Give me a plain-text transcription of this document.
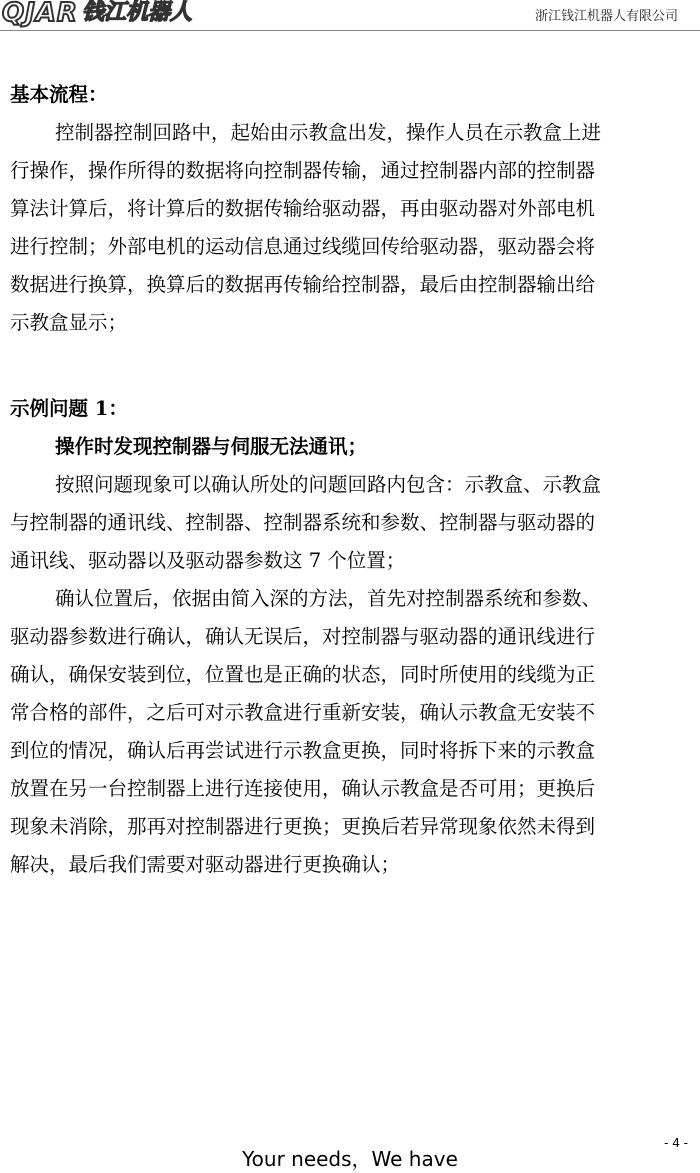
QJAR 钱江机器人	浙江钱江机器人有限公司

基本流程：

控制器控制回路中，起始由示教盒出发，操作人员在示教盒上进

行操作，操作所得的数据将向控制器传输，通过控制器内部的控制器

算法计算后，将计算后的数据传输给驱动器，再由驱动器对外部电机

进行控制；外部电机的运动信息通过线缆回传给驱动器，驱动器会将

数据进行换算，换算后的数据再传输给控制器，最后由控制器输出给

示教盒显示；

示例问题 1：

操作时发现控制器与伺服无法通讯；

按照问题现象可以确认所处的问题回路内包含：示教盒、示教盒

与控制器的通讯线、控制器、控制器系统和参数、控制器与驱动器的

通讯线、驱动器以及驱动器参数这 7 个位置；

确认位置后，依据由简入深的方法，首先对控制器系统和参数、

驱动器参数进行确认，确认无误后，对控制器与驱动器的通讯线进行

确认，确保安装到位，位置也是正确的状态，同时所使用的线缆为正

常合格的部件，之后可对示教盒进行重新安装，确认示教盒无安装不

到位的情况，确认后再尝试进行示教盒更换，同时将拆下来的示教盒

放置在另一台控制器上进行连接使用，确认示教盒是否可用；更换后

现象未消除，那再对控制器进行更换；更换后若异常现象依然未得到

解决，最后我们需要对驱动器进行更换确认；

- 4 -
Your needs，We have
